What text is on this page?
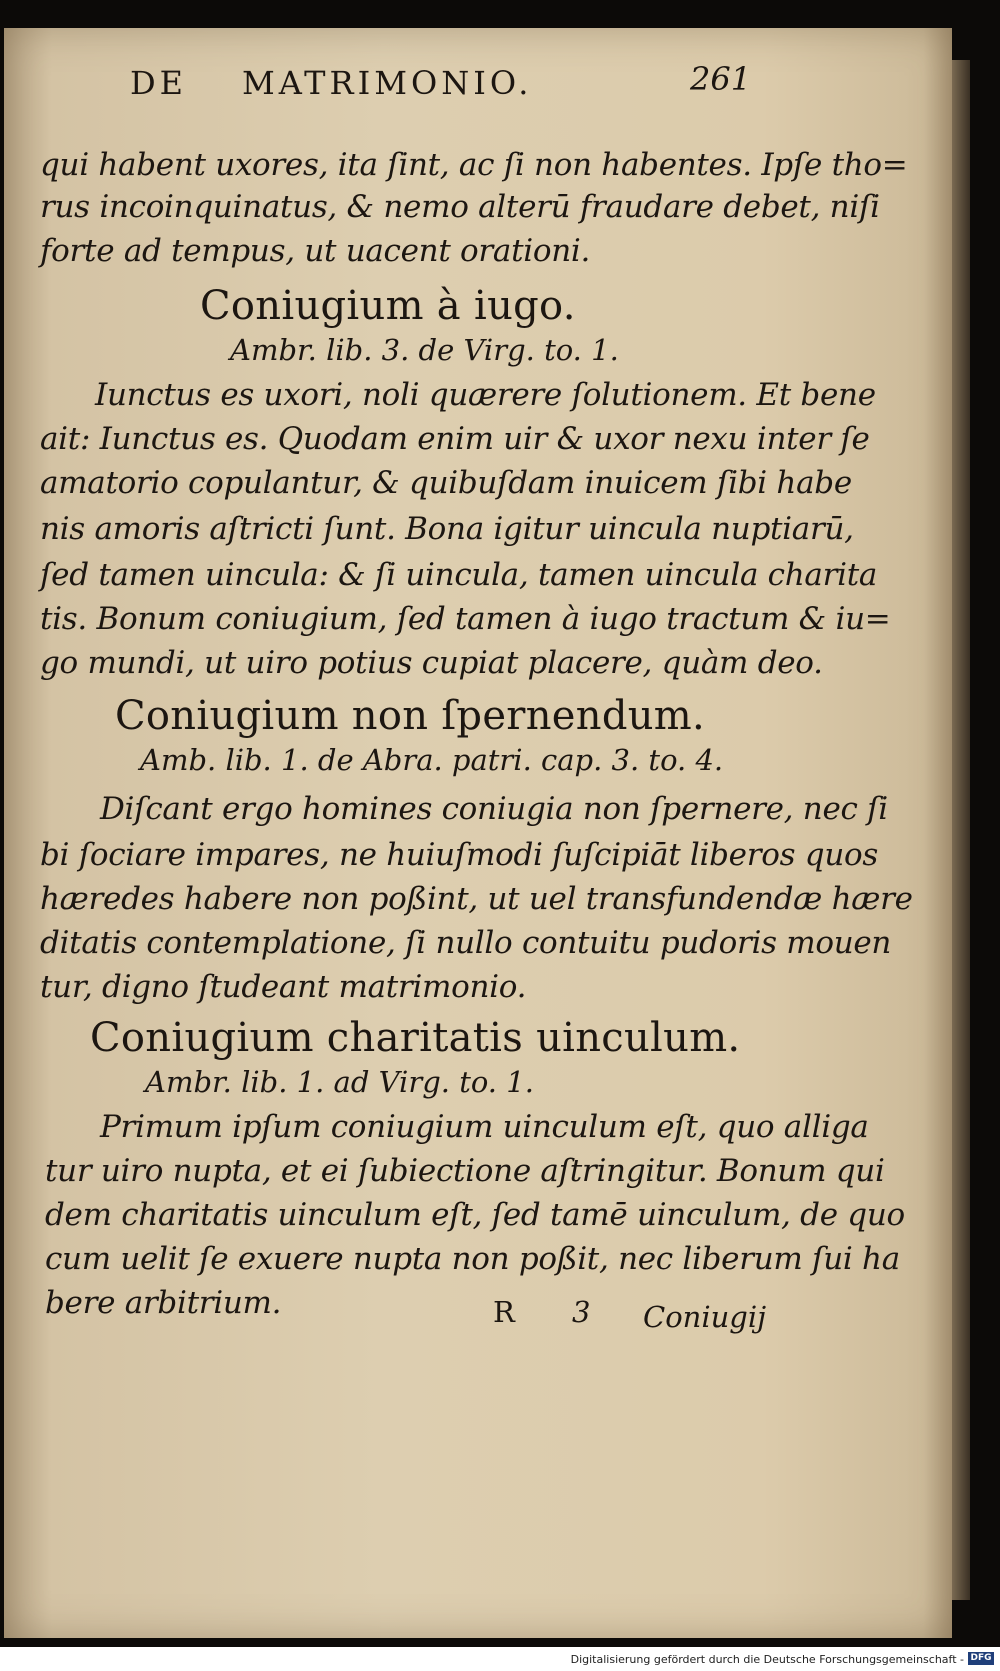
DE MATRIMONIO.	261
qui habent uxores, ita ſint, ac ſi non habentes. Ipſe tho=
rus incoinquinatus, & nemo alterū fraudare debet, niſi
forte ad tempus, ut uacent orationi.
Coniugium à iugo.
Ambr. lib. 3. de Virg. to. 1.
Iunctus es uxori, noli quærere ſolutionem. Et bene
ait: Iunctus es. Quodam enim uir & uxor nexu inter ſe
amatorio copulantur, & quibuſdam inuicem ſibi habe
nis amoris aſtricti ſunt. Bona igitur uincula nuptiarū,
ſed tamen uincula: & ſi uincula, tamen uincula charita
tis. Bonum coniugium, ſed tamen à iugo tractum & iu=
go mundi, ut uiro potius cupiat placere, quàm deo.
Coniugium non ſpernendum.
Amb. lib. 1. de Abra. patri. cap. 3. to. 4.
Diſcant ergo homines coniugia non ſpernere, nec ſi
bi ſociare impares, ne huiuſmodi ſuſcipiāt liberos quos
hæredes habere non poßint, ut uel transfundendæ hære
ditatis contemplatione, ſi nullo contuitu pudoris mouen
tur, digno ſtudeant matrimonio.
Coniugium charitatis uinculum.
Ambr. lib. 1. ad Virg. to. 1.
Primum ipſum coniugium uinculum eſt, quo alliga
tur uiro nupta, et ei ſubiectione aſtringitur. Bonum qui
dem charitatis uinculum eſt, ſed tamē uinculum, de quo
cum uelit ſe exuere nupta non poßit, nec liberum ſui ha
bere arbitrium.	R 3 Coniugij
Digitalisierung gefördert durch die Deutsche Forschungsgemeinschaft - DFG
